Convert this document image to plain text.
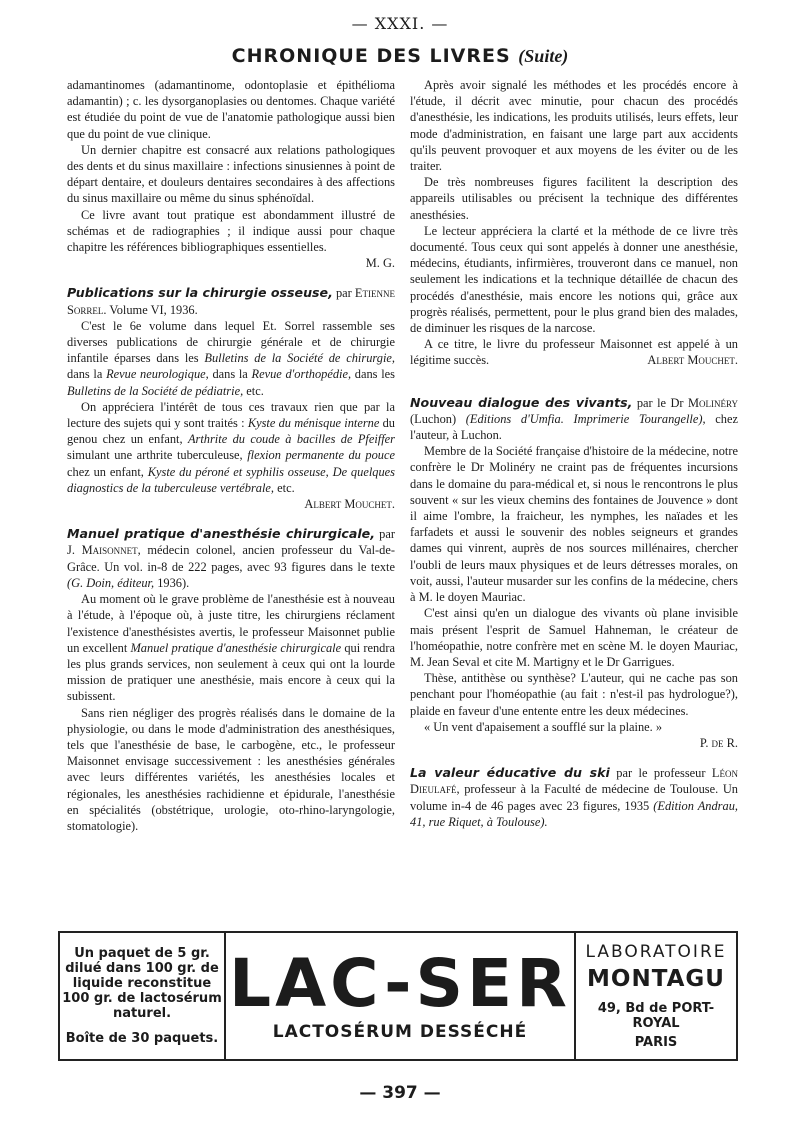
— XXXI. —
CHRONIQUE DES LIVRES (Suite)

adamantinomes (adamantinome, odontoplasie et épithélioma adamantin) ; c. les dysorganoplasies ou dentomes. Chaque variété est étudiée du point de vue de l'anatomie pathologique aussi bien que du point de vue clinique.

Un dernier chapitre est consacré aux relations pathologiques des dents et du sinus maxillaire : infections sinusiennes à point de départ dentaire, et douleurs dentaires secondaires à des affections du sinus maxillaire ou même du sinus sphénoïdal.

Ce livre avant tout pratique est abondamment illustré de schémas et de radiographies ; il indique aussi pour chaque chapitre les références bibliographiques essentielles.

M. G.

Publications sur la chirurgie osseuse, par Etienne Sorrel. Volume VI, 1936.

C'est le 6e volume dans lequel Et. Sorrel rassemble ses diverses publications de chirurgie générale et de chirurgie infantile éparses dans les Bulletins de la Société de chirurgie, dans la Revue neurologique, dans la Revue d'orthopédie, dans les Bulletins de la Société de pédiatrie, etc.

On appréciera l'intérêt de tous ces travaux rien que par la lecture des sujets qui y sont traités : Kyste du ménisque interne du genou chez un enfant, Arthrite du coude à bacilles de Pfeiffer simulant une arthrite tuberculeuse, flexion permanente du pouce chez un enfant, Kyste du péroné et syphilis osseuse, De quelques diagnostics de la tuberculeuse vertébrale, etc.

Albert Mouchet.

Manuel pratique d'anesthésie chirurgicale, par J. Maisonnet, médecin colonel, ancien professeur du Val-de-Grâce. Un vol. in-8 de 222 pages, avec 93 figures dans le texte (G. Doin, éditeur, 1936).

Au moment où le grave problème de l'anesthésie est à nouveau à l'étude, à l'époque où, à juste titre, les chirurgiens réclament l'existence d'anesthésistes avertis, le professeur Maisonnet publie un excellent Manuel pratique d'anesthésie chirurgicale qui rendra les plus grands services, non seulement à ceux qui ont la lourde mission de pratiquer une anesthésie, mais encore à ceux qui la subissent.

Sans rien négliger des progrès réalisés dans le domaine de la physiologie, ou dans le mode d'administration des anesthésiques, tels que l'anesthésie de base, le carbogène, etc., le professeur Maisonnet envisage successivement : les anesthésies générales avec leurs différentes variétés, les anesthésies locales et régionales, les anesthésies rachidienne et épidurale, l'anesthésie en spécialités (obstétrique, urologie, oto-rhino-laryngologie, stomatologie).

Après avoir signalé les méthodes et les procédés encore à l'étude, il décrit avec minutie, pour chacun des procédés d'anesthésie, les indications, les produits utilisés, leurs effets, leur mode d'administration, en faisant une large part aux accidents qu'ils peuvent provoquer et aux moyens de les éviter ou de les traiter.

De très nombreuses figures facilitent la description des appareils utilisables ou précisent la technique des différentes anesthésies.

Le lecteur appréciera la clarté et la méthode de ce livre très documenté. Tous ceux qui sont appelés à donner une anesthésie, médecins, étudiants, infirmières, trouveront dans ce manuel, non seulement les indications et la technique détaillée de chacun des procédés d'anesthésie, mais encore les notions qui, grâce aux progrès réalisés, permettent, pour le plus grand bien des malades, de diminuer les risques de la narcose.

A ce titre, le livre du professeur Maisonnet est appelé à un légitime succès.	Albert Mouchet.

Nouveau dialogue des vivants, par le Dr Molinéry (Luchon) (Editions d'Umfia. Imprimerie Tourangelle), chez l'auteur, à Luchon.

Membre de la Société française d'histoire de la médecine, notre confrère le Dr Molinéry ne craint pas de fréquentes incursions dans le domaine du para-médical et, si nous le rencontrons le plus souvent « sur les vieux chemins des fontaines de Jouvence » dont il aime l'ombre, la fraicheur, les nymphes, les naïades et les farfadets et aussi le souvenir des nobles seigneurs et grandes dames qui vinrent, auprès de nos sources millénaires, chercher l'oubli de leurs maux physiques et de leurs détresses morales, on voit, aussi, l'auteur musarder sur les confins de la médecine, chers à M. le doyen Mauriac.

C'est ainsi qu'en un dialogue des vivants où plane invisible mais présent l'esprit de Samuel Hahneman, le créateur de l'homéopathie, notre confrère met en scène M. le doyen Mauriac, M. Jean Seval et cite M. Martigny et le Dr Garrigues.

Thèse, antithèse ou synthèse? L'auteur, qui ne cache pas son penchant pour l'homéopathie (au fait : n'est-il pas hydrologue?), plaide en faveur d'une entente entre les deux médecines.

« Un vent d'apaisement a soufflé sur la plaine. »

P. de R.

La valeur éducative du ski par le professeur Léon Dieulafé, professeur à la Faculté de médecine de Toulouse. Un volume in-4 de 46 pages avec 23 figures, 1935 (Edition Andrau, 41, rue Riquet, à Toulouse).

Un paquet de 5 gr.
dilué dans 100 gr. de
liquide reconstitue
100 gr. de lactosérum
naturel.
Boîte de 30 paquets.
LAC-SER
LACTOSÉRUM DESSÉCHÉ
LABORATOIRE
MONTAGU
49, Bd de PORT-ROYAL
PARIS
— 397 —
